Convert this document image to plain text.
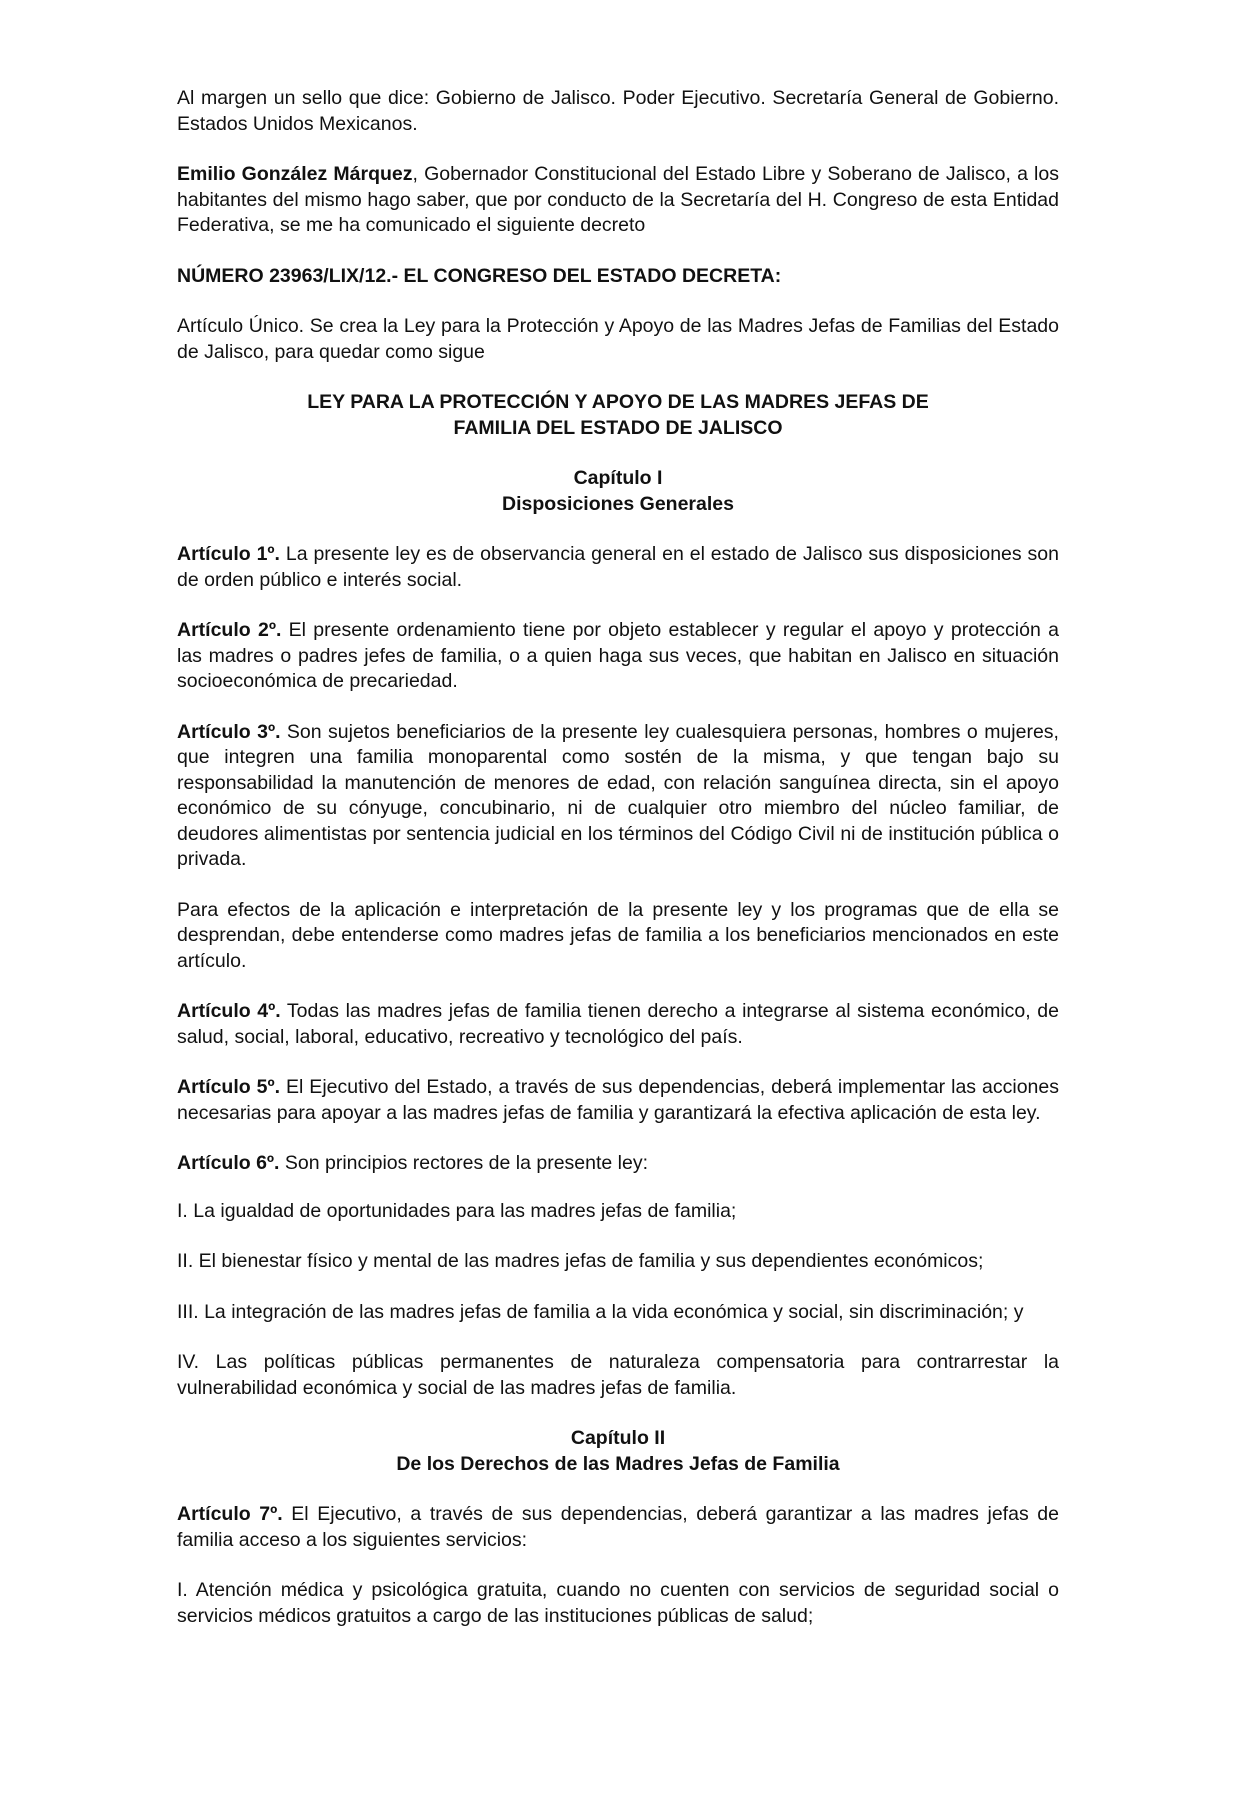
Al margen un sello que dice: Gobierno de Jalisco. Poder Ejecutivo. Secretaría General de Gobierno. Estados Unidos Mexicanos.

Emilio González Márquez, Gobernador Constitucional del Estado Libre y Soberano de Jalisco, a los habitantes del mismo hago saber, que por conducto de la Secretaría del H. Congreso de esta Entidad Federativa, se me ha comunicado el siguiente decreto

NÚMERO 23963/LIX/12.- EL CONGRESO DEL ESTADO DECRETA:

Artículo Único. Se crea la Ley para la Protección y Apoyo de las Madres Jefas de Familias del Estado de Jalisco, para quedar como sigue

LEY PARA LA PROTECCIÓN Y APOYO DE LAS MADRES JEFAS DE
FAMILIA DEL ESTADO DE JALISCO
Capítulo I
Disposiciones Generales

Artículo 1º. La presente ley es de observancia general en el estado de Jalisco sus disposiciones son de orden público e interés social.

Artículo 2º. El presente ordenamiento tiene por objeto establecer y regular el apoyo y protección a las madres o padres jefes de familia, o a quien haga sus veces, que habitan en Jalisco en situación socioeconómica de precariedad.

Artículo 3º. Son sujetos beneficiarios de la presente ley cualesquiera personas, hombres o mujeres, que integren una familia monoparental como sostén de la misma, y que tengan bajo su responsabilidad la manutención de menores de edad, con relación sanguínea directa, sin el apoyo económico de su cónyuge, concubinario, ni de cualquier otro miembro del núcleo familiar, de deudores alimentistas por sentencia judicial en los términos del Código Civil ni de institución pública o privada.

Para efectos de la aplicación e interpretación de la presente ley y los programas que de ella se desprendan, debe entenderse como madres jefas de familia a los beneficiarios mencionados en este artículo.

Artículo 4º. Todas las madres jefas de familia tienen derecho a integrarse al sistema económico, de salud, social, laboral, educativo, recreativo y tecnológico del país.

Artículo 5º. El Ejecutivo del Estado, a través de sus dependencias, deberá implementar las acciones necesarias para apoyar a las madres jefas de familia y garantizará la efectiva aplicación de esta ley.

Artículo 6º. Son principios rectores de la presente ley:

I. La igualdad de oportunidades para las madres jefas de familia;

II. El bienestar físico y mental de las madres jefas de familia y sus dependientes económicos;

III. La integración de las madres jefas de familia a la vida económica y social, sin discriminación; y

IV. Las políticas públicas permanentes de naturaleza compensatoria para contrarrestar la vulnerabilidad económica y social de las madres jefas de familia.

Capítulo II
De los Derechos de las Madres Jefas de Familia

Artículo 7º. El Ejecutivo, a través de sus dependencias, deberá garantizar a las madres jefas de familia acceso a los siguientes servicios:

I. Atención médica y psicológica gratuita, cuando no cuenten con servicios de seguridad social o servicios médicos gratuitos a cargo de las instituciones públicas de salud;
